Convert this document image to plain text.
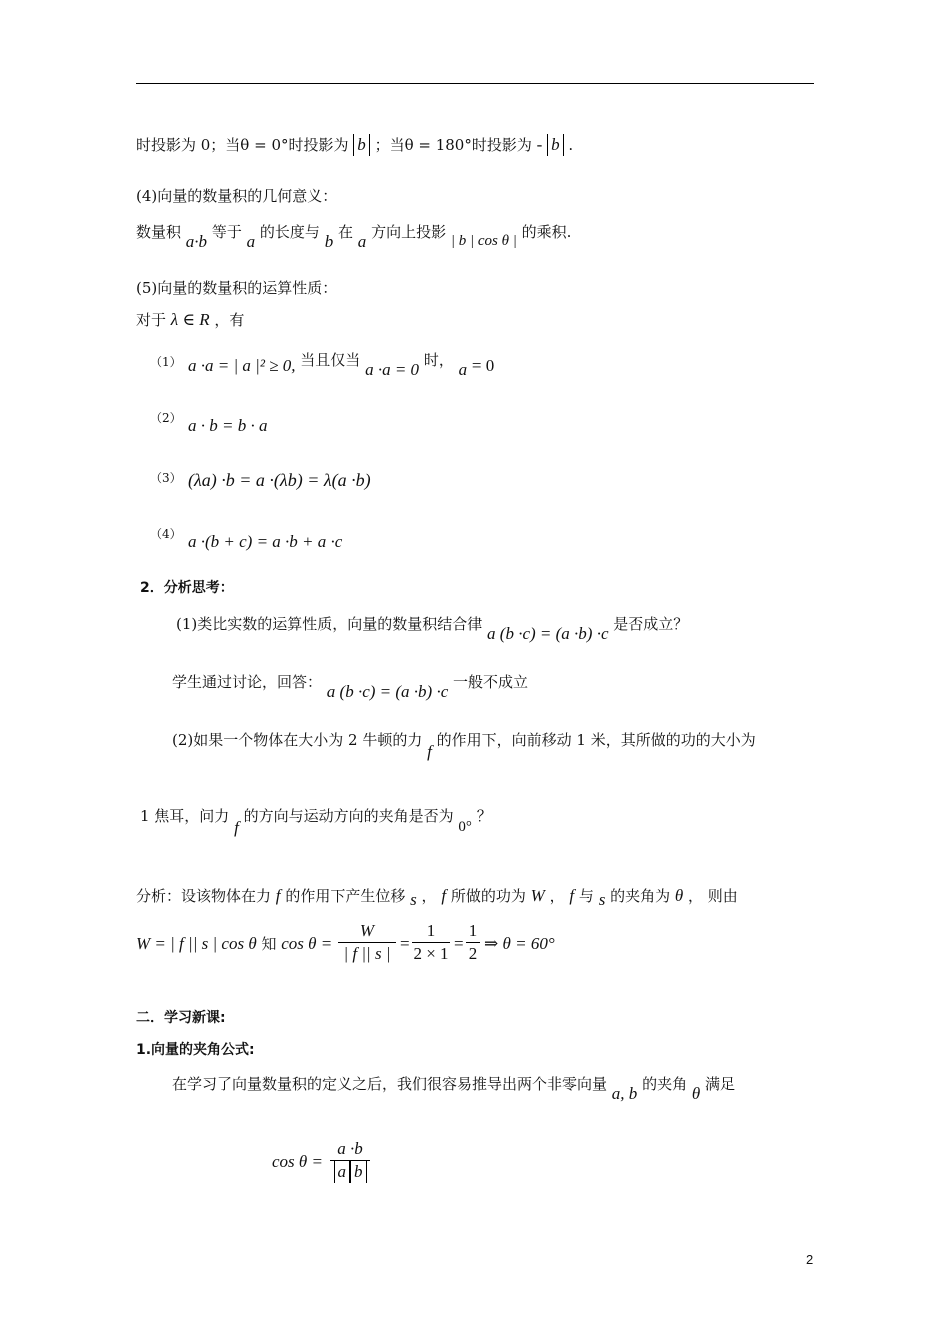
时投影为 0；当θ = 0°时投影为 b ；当θ = 180°时投影为 - b .
(4)向量的数量积的几何意义：
数量积 a·b 等于 a 的长度与 b 在 a 方向上投影 | b | cos θ | 的乘积.
(5)向量的数量积的运算性质：
对于 λ ∈ R ，有
（1） a ·a = | a |² ≥ 0, 当且仅当 a ·a = 0 时， a = 0
（2） a · b = b · a
（3） (λa) ·b = a ·(λb) = λ(a ·b)
（4） a ·(b + c) = a ·b + a ·c
2．分析思考：
(1)类比实数的运算性质，向量的数量积结合律 a (b ·c) = (a ·b) ·c 是否成立？
学生通过讨论，回答： a (b ·c) = (a ·b) ·c 一般不成立
(2)如果一个物体在大小为 2 牛顿的力 f 的作用下，向前移动 1 米，其所做的功的大小为
1 焦耳，问力 f 的方向与运动方向的夹角是否为 0° ？
分析：设该物体在力 f 的作用下产生位移 s ， f 所做的功为 W ， f 与 s 的夹角为 θ ， 则由
W = | f || s | cos θ 知 $\cos \theta = \frac{W}{| f || s |} = \frac{1}{2 \times 1} = \frac{1}{2}$ ⇒ θ = 60°
二．学习新课:
1.向量的夹角公式:
在学习了向量数量积的定义之后，我们很容易推导出两个非零向量 a, b 的夹角 θ 满足
$\cos \theta = \frac{a \cdot b}{\text{a b}}$
2
